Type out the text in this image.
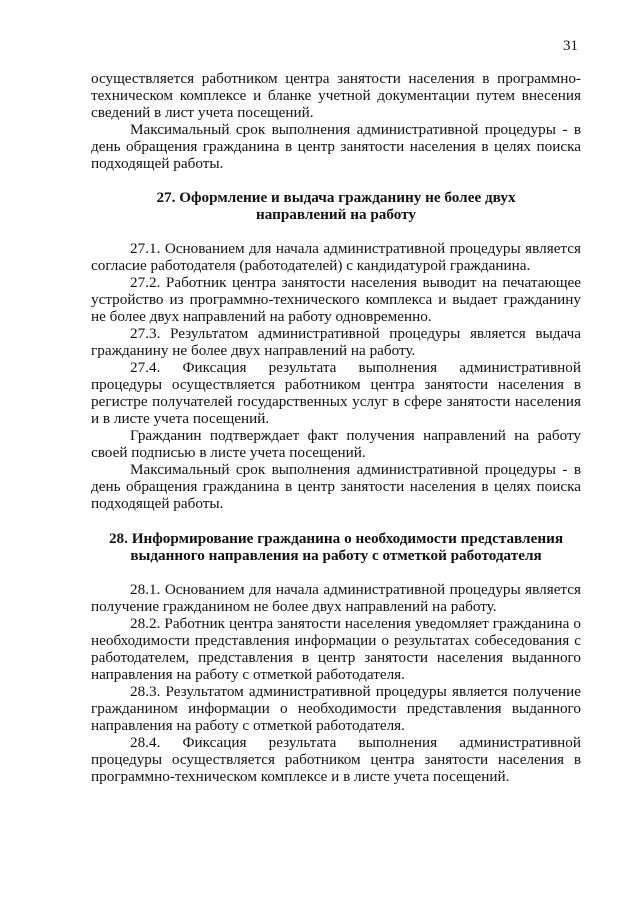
31

осуществляется работником центра занятости населения в программно-техническом комплексе и бланке учетной документации путем внесения сведений в лист учета посещений.

Максимальный срок выполнения административной процедуры - в день обращения гражданина в центр занятости населения в целях поиска подходящей работы.

27. Оформление и выдача гражданину не более двух
направлений на работу

27.1. Основанием для начала административной процедуры является согласие работодателя (работодателей) с кандидатурой гражданина.

27.2. Работник центра занятости населения выводит на печатающее устройство из программно-технического комплекса и выдает гражданину не более двух направлений на работу одновременно.

27.3. Результатом административной процедуры является выдача гражданину не более двух направлений на работу.

27.4. Фиксация результата выполнения административной процедуры осуществляется работником центра занятости населения в регистре получателей государственных услуг в сфере занятости населения и в листе учета посещений.

Гражданин подтверждает факт получения направлений на работу своей подписью в листе учета посещений.

Максимальный срок выполнения административной процедуры - в день обращения гражданина в центр занятости населения в целях поиска подходящей работы.

28. Информирование гражданина о необходимости представления
выданного направления на работу с отметкой работодателя

28.1. Основанием для начала административной процедуры является получение гражданином не более двух направлений на работу.

28.2. Работник центра занятости населения уведомляет гражданина о необходимости представления информации о результатах собеседования с работодателем, представления в центр занятости населения выданного направления на работу с отметкой работодателя.

28.3. Результатом административной процедуры является получение гражданином информации о необходимости представления выданного направления на работу с отметкой работодателя.

28.4. Фиксация результата выполнения административной процедуры осуществляется работником центра занятости населения в программно-техническом комплексе и в листе учета посещений.
